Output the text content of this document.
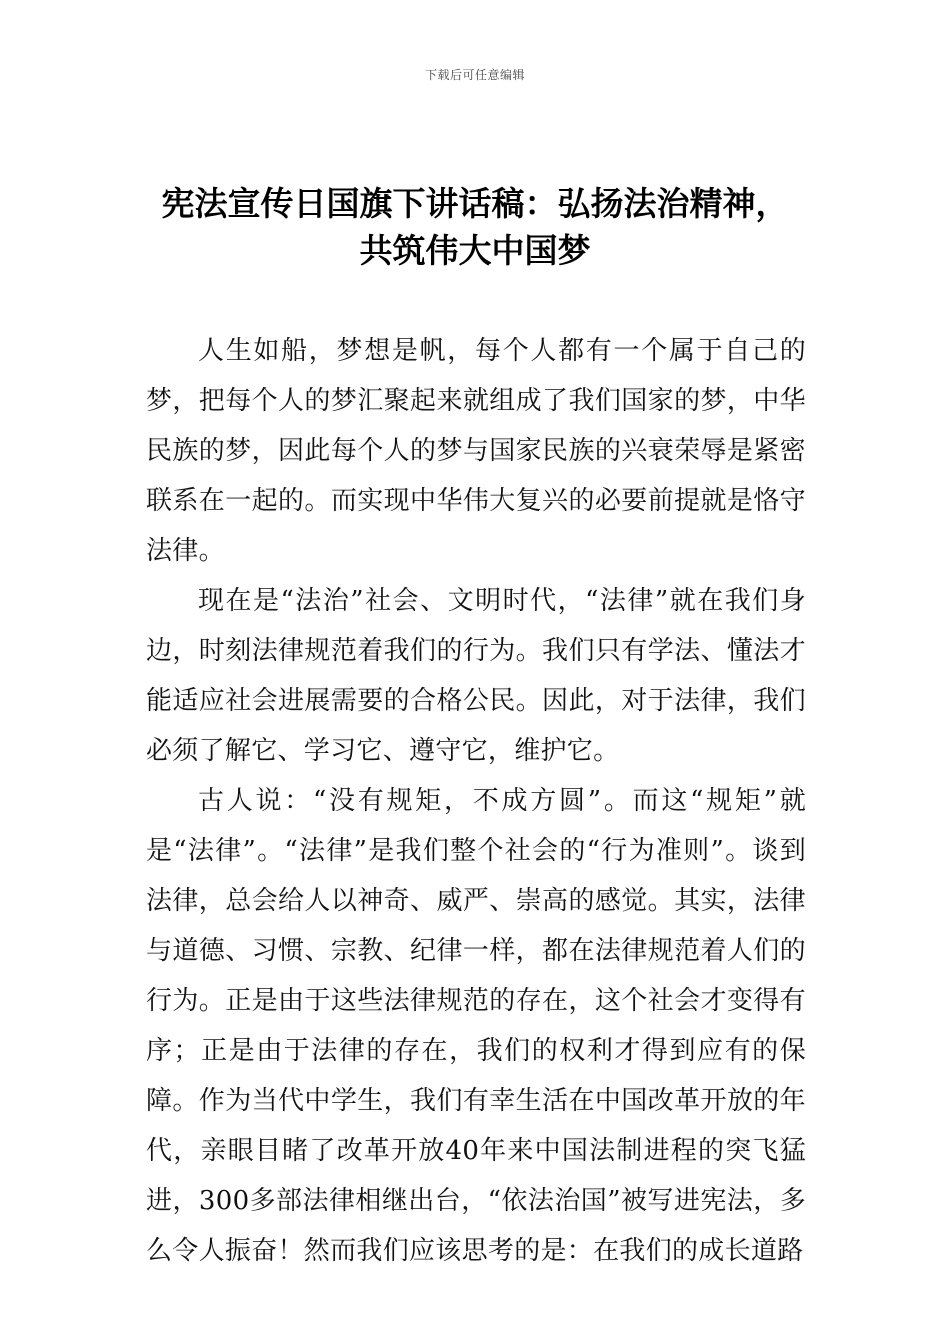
下载后可任意编辑
宪法宣传日国旗下讲话稿：弘扬法治精神，
共筑伟大中国梦

人生如船，梦想是帆，每个人都有一个属于自己的梦，把每个人的梦汇聚起来就组成了我们国家的梦，中华民族的梦，因此每个人的梦与国家民族的兴衰荣辱是紧密联系在一起的。而实现中华伟大复兴的必要前提就是恪守法律。

现在是“法治”社会、文明时代，“法律”就在我们身边，时刻法律规范着我们的行为。我们只有学法、懂法才能适应社会进展需要的合格公民。因此，对于法律，我们必须了解它、学习它、遵守它，维护它。

古人说：“没有规矩，不成方圆”。而这“规矩”就是“法律”。“法律”是我们整个社会的“行为准则”。谈到法律，总会给人以神奇、威严、崇高的感觉。其实，法律与道德、习惯、宗教、纪律一样，都在法律规范着人们的行为。正是由于这些法律规范的存在，这个社会才变得有序；正是由于法律的存在，我们的权利才得到应有的保障。作为当代中学生，我们有幸生活在中国改革开放的年代，亲眼目睹了改革开放40年来中国法制进程的突飞猛进，300多部法律相继出台，“依法治国”被写进宪法，多么令人振奋！然而我们应该思考的是：在我们的成长道路
